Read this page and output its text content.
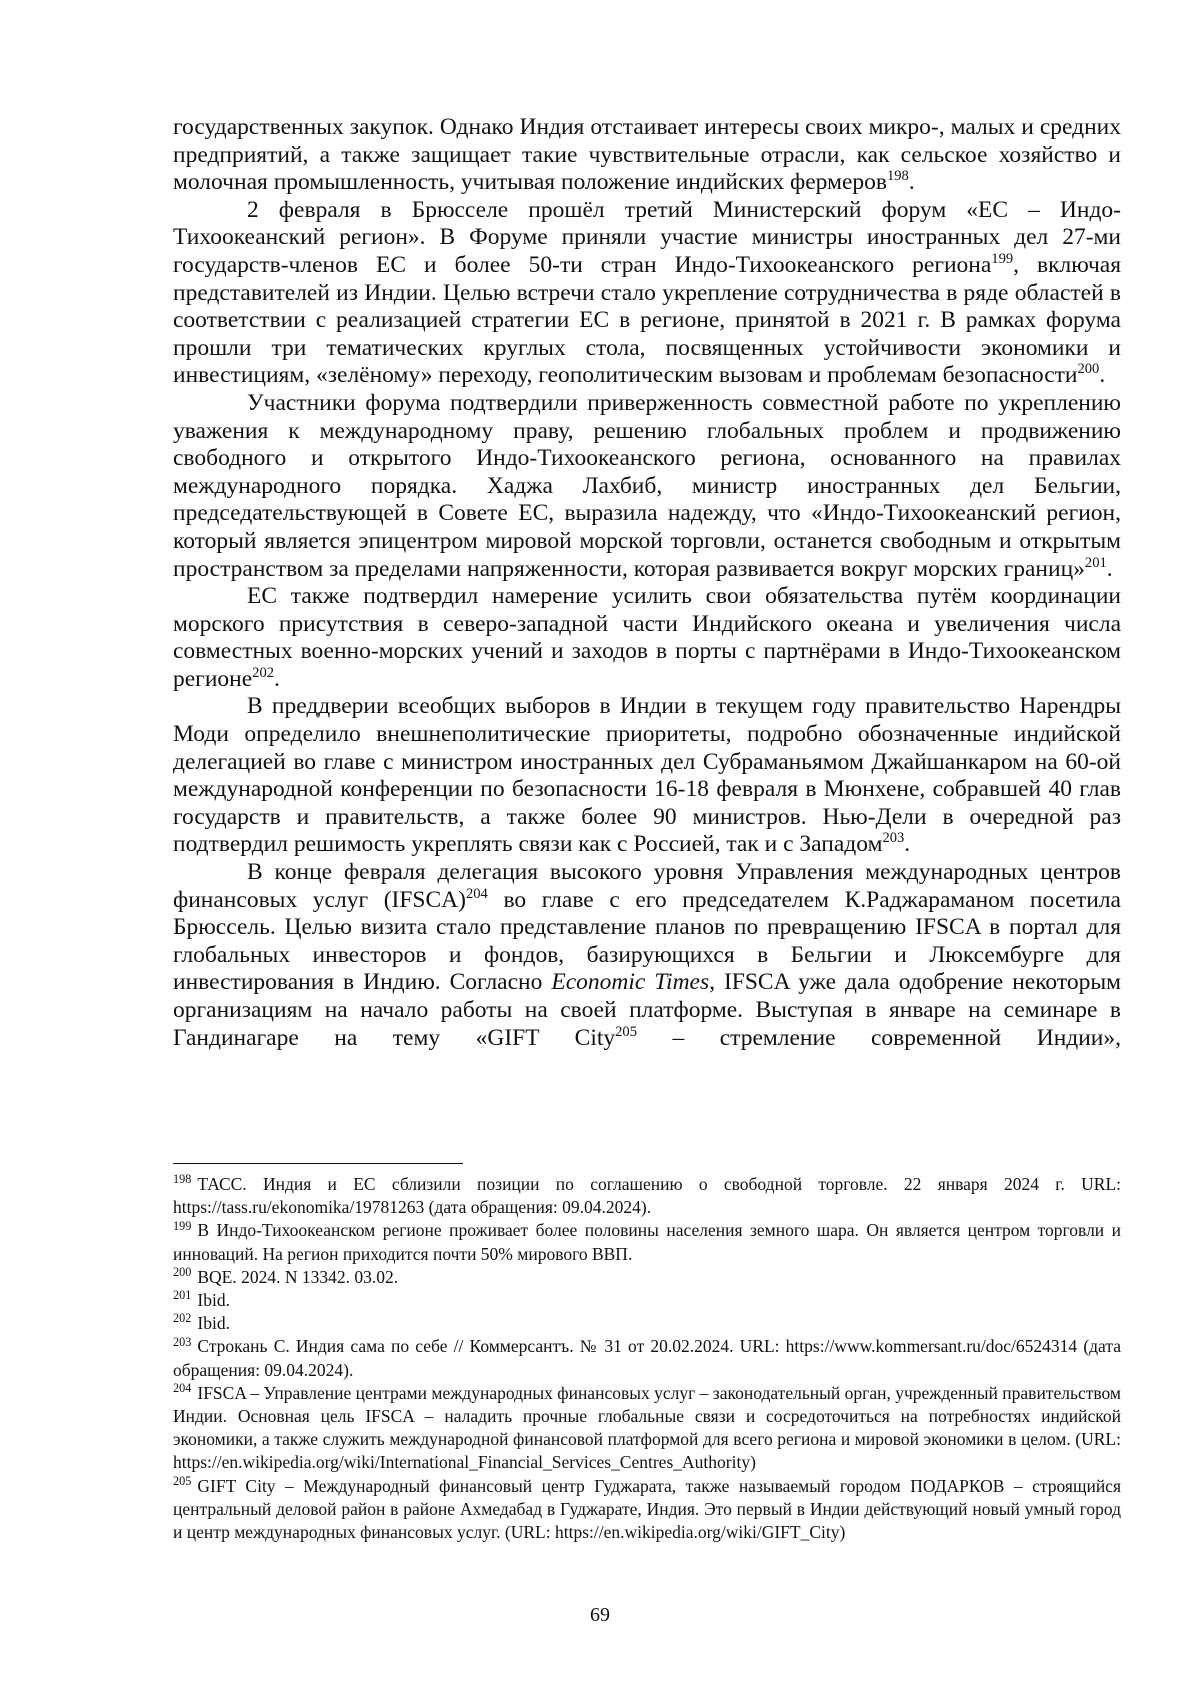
государственных закупок. Однако Индия отстаивает интересы своих микро-, малых и средних предприятий, а также защищает такие чувствительные отрасли, как сельское хозяйство и молочная промышленность, учитывая положение индийских фермеров$^{198}$.

2 февраля в Брюсселе прошёл третий Министерский форум «ЕС – Индо-Тихоокеанский регион». В Форуме приняли участие министры иностранных дел 27-ми государств-членов ЕС и более 50-ти стран Индо-Тихоокеанского региона$^{199}$, включая представителей из Индии. Целью встречи стало укрепление сотрудничества в ряде областей в соответствии с реализацией стратегии ЕС в регионе, принятой в 2021 г. В рамках форума прошли три тематических круглых стола, посвященных устойчивости экономики и инвестициям, «зелёному» переходу, геополитическим вызовам и проблемам безопасности$^{200}$.

Участники форума подтвердили приверженность совместной работе по укреплению уважения к международному праву, решению глобальных проблем и продвижению свободного и открытого Индо-Тихоокеанского региона, основанного на правилах международного порядка. Хаджа Лахбиб, министр иностранных дел Бельгии, председательствующей в Совете ЕС, выразила надежду, что «Индо-Тихоокеанский регион, который является эпицентром мировой морской торговли, останется свободным и открытым пространством за пределами напряженности, которая развивается вокруг морских границ»$^{201}$.

ЕС также подтвердил намерение усилить свои обязательства путём координации морского присутствия в северо-западной части Индийского океана и увеличения числа совместных военно-морских учений и заходов в порты с партнёрами в Индо-Тихоокеанском регионе$^{202}$.

В преддверии всеобщих выборов в Индии в текущем году правительство Нарендры Моди определило внешнеполитические приоритеты, подробно обозначенные индийской делегацией во главе с министром иностранных дел Субраманьямом Джайшанкаром на 60-ой международной конференции по безопасности 16-18 февраля в Мюнхене, собравшей 40 глав государств и правительств, а также более 90 министров. Нью-Дели в очередной раз подтвердил решимость укреплять связи как с Россией, так и с Западом$^{203}$.

В конце февраля делегация высокого уровня Управления международных центров финансовых услуг (IFSCA)$^{204}$ во главе с его председателем К.Раджараманом посетила Брюссель. Целью визита стало представление планов по превращению IFSCA в портал для глобальных инвесторов и фондов, базирующихся в Бельгии и Люксембурге для инвестирования в Индию. Согласно Economic Times, IFSCA уже дала одобрение некоторым организациям на начало работы на своей платформе. Выступая в январе на семинаре в Гандинагаре на тему «GIFT City$^{205}$ – стремление современной Индии»,

$^{198}$ ТАСС. Индия и ЕС сблизили позиции по соглашению о свободной торговле. 22 января 2024 г. URL: https://tass.ru/ekonomika/19781263 (дата обращения: 09.04.2024).

$^{199}$ В Индо-Тихоокеанском регионе проживает более половины населения земного шара. Он является центром торговли и инноваций. На регион приходится почти 50% мирового ВВП.

$^{200}$ BQE. 2024. N 13342. 03.02.

$^{201}$ Ibid.

$^{202}$ Ibid.

$^{203}$ Строкань С. Индия сама по себе // Коммерсантъ. № 31 от 20.02.2024. URL: https://www.kommersant.ru/doc/6524314 (дата обращения: 09.04.2024).

$^{204}$ IFSCA – Управление центрами международных финансовых услуг – законодательный орган, учрежденный правительством Индии. Основная цель IFSCA – наладить прочные глобальные связи и сосредоточиться на потребностях индийской экономики, а также служить международной финансовой платформой для всего региона и мировой экономики в целом. (URL: https://en.wikipedia.org/wiki/International_Financial_Services_Centres_Authority)

$^{205}$ GIFT City – Международный финансовый центр Гуджарата, также называемый городом ПОДАРКОВ – строящийся центральный деловой район в районе Ахмедабад в Гуджарате, Индия. Это первый в Индии действующий новый умный город и центр международных финансовых услуг. (URL: https://en.wikipedia.org/wiki/GIFT_City)

69
